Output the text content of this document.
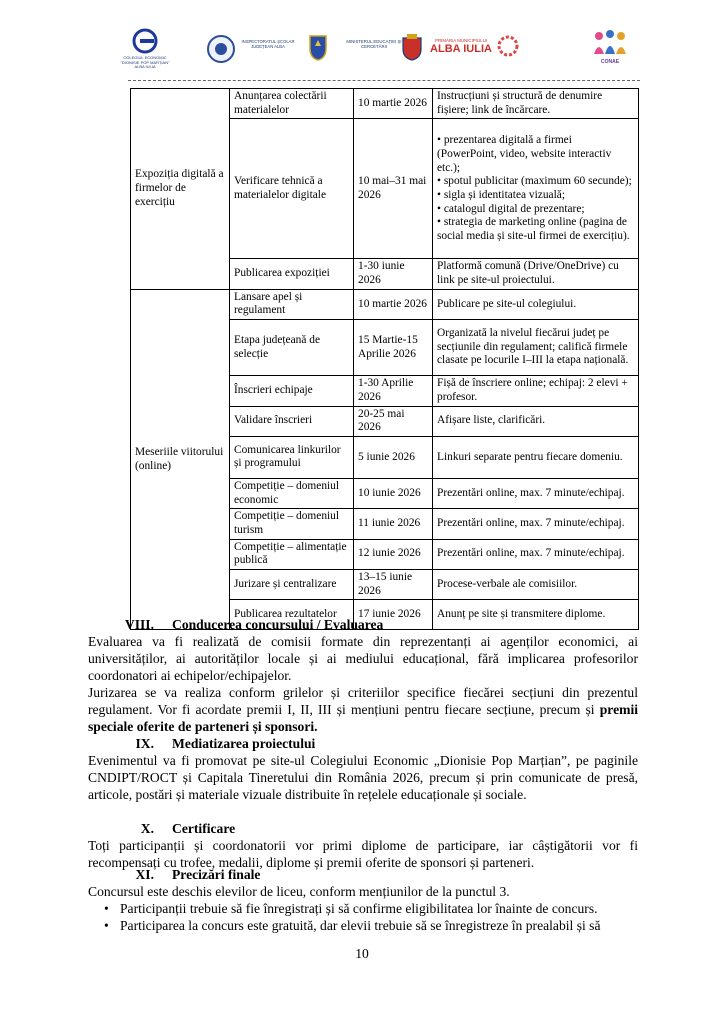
COLEGIUL ECONOMIC
"DIONISIE POP MARȚIAN"
ALBA IULIA
INSPECTORATUL ȘCOLAR
JUDEȚEAN ALBA
MINISTERUL EDUCAȚIEI ȘI
CERCETĂRII
PRIMĂRIA MUNICIPIULUI
ALBA IULIA
CONAE
Expoziția digitală a firmelor de exercițiu	Anunțarea colectării materialelor	10 martie 2026	Instrucțiuni și structură de denumire fișiere; link de încărcare.
	Verificare tehnică a materialelor digitale	10 mai–31 mai 2026	• prezentarea digitală a firmei (PowerPoint, video, website interactiv etc.);
• spotul publicitar (maximum 60 secunde);
• sigla și identitatea vizuală;
• catalogul digital de prezentare;
• strategia de marketing online (pagina de social media și site-ul firmei de exercițiu).
	Publicarea expoziției	1-30 iunie 2026	Platformă comună (Drive/OneDrive) cu link pe site-ul proiectului.
Meseriile viitorului (online)	Lansare apel și regulament	10 martie 2026	Publicare pe site-ul colegiului.
	Etapa județeană de selecție	15 Martie-15 Aprilie 2026	Organizată la nivelul fiecărui județ pe secțiunile din regulament; califică firmele clasate pe locurile I–III la etapa națională.
	Înscrieri echipaje	1-30 Aprilie 2026	Fișă de înscriere online; echipaj: 2 elevi + profesor.
	Validare înscrieri	20-25 mai 2026	Afișare liste, clarificări.
	Comunicarea linkurilor și programului	5 iunie 2026	Linkuri separate pentru fiecare domeniu.
	Competiție – domeniul economic	10 iunie 2026	Prezentări online, max. 7 minute/echipaj.
	Competiție – domeniul turism	11 iunie 2026	Prezentări online, max. 7 minute/echipaj.
	Competiție – alimentație publică	12 iunie 2026	Prezentări online, max. 7 minute/echipaj.
	Jurizare și centralizare	13–15 iunie 2026	Procese-verbale ale comisiilor.
	Publicarea rezultatelor	17 iunie 2026	Anunț pe site și transmitere diplome.
VIII. Conducerea concursului / Evaluarea
Evaluarea va fi realizată de comisii formate din reprezentanți ai agenților economici, ai universităților, ai autorităților locale și ai mediului educațional, fără implicarea profesorilor coordonatori ai echipelor/echipajelor.
Jurizarea se va realiza conform grilelor și criteriilor specifice fiecărei secțiuni din prezentul regulament. Vor fi acordate premii I, II, III și mențiuni pentru fiecare secțiune, precum și premii speciale oferite de parteneri și sponsori.
IX. Mediatizarea proiectului
Evenimentul va fi promovat pe site-ul Colegiului Economic „Dionisie Pop Marțian”, pe paginile CNDIPT/ROCT și Capitala Tineretului din România 2026, precum și prin comunicate de presă, articole, postări și materiale vizuale distribuite în rețelele educaționale și sociale.
X. Certificare
Toți participanții și coordonatorii vor primi diplome de participare, iar câștigătorii vor fi recompensați cu trofee, medalii, diplome și premii oferite de sponsori și parteneri.
XI. Precizări finale
Concursul este deschis elevilor de liceu, conform mențiunilor de la punctul 3.
• Participanții trebuie să fie înregistrați și să confirme eligibilitatea lor înainte de concurs.
• Participarea la concurs este gratuită, dar elevii trebuie să se înregistreze în prealabil și să
10
